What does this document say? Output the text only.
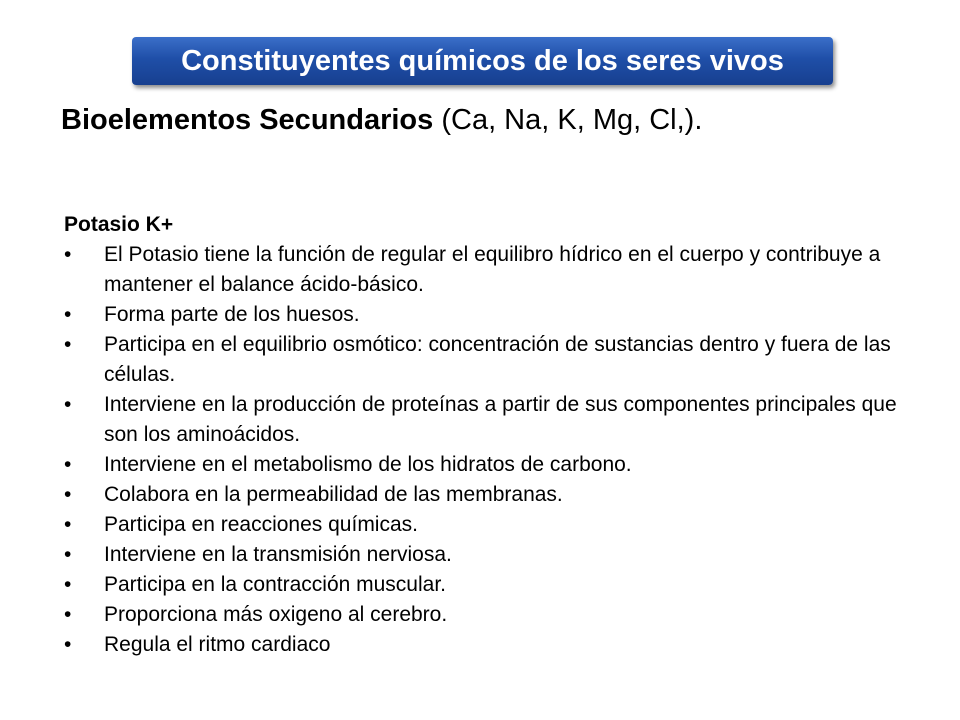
Constituyentes químicos de los seres vivos
Bioelementos Secundarios (Ca, Na, K, Mg, Cl,).

Potasio K+

• El Potasio tiene la función de regular el equilibro hídrico en el cuerpo y contribuye a mantener el balance ácido-básico.
• Forma parte de los huesos.
• Participa en el equilibrio osmótico: concentración de sustancias dentro y fuera de las células.
• Interviene en la producción de proteínas a partir de sus componentes principales que son los aminoácidos.
• Interviene en el metabolismo de los hidratos de carbono.
• Colabora en la permeabilidad de las membranas.
• Participa en reacciones químicas.
• Interviene en la transmisión nerviosa.
• Participa en la contracción muscular.
• Proporciona más oxigeno al cerebro.
• Regula el ritmo cardiaco
